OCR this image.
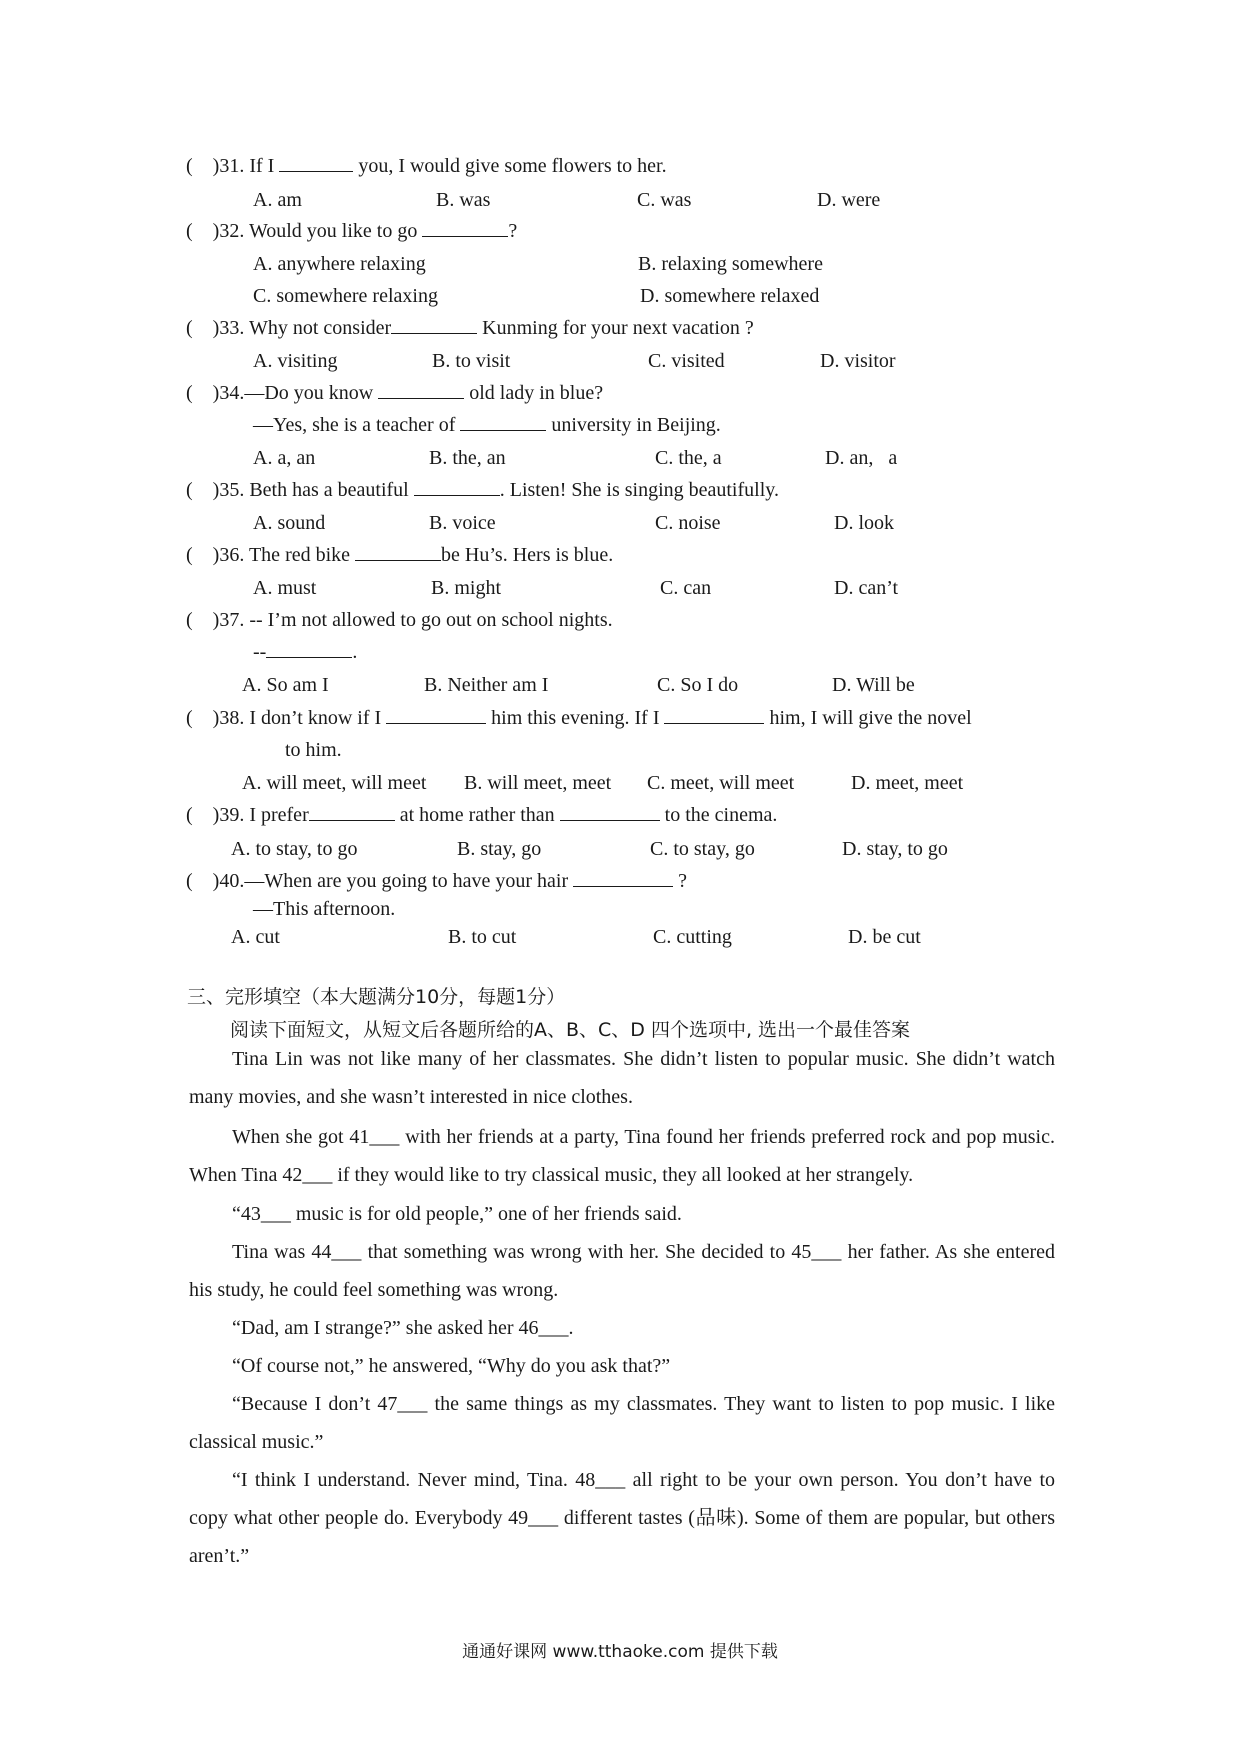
(    )31. If I	you, I would give some flowers to her.
A. am	B. was	C. was	D. were
(    )32. Would you like to go	?
A. anywhere relaxing	B. relaxing somewhere
C. somewhere relaxing	D. somewhere relaxed
(    )33. Why not consider	Kunming for your next vacation ?
A. visiting	B. to visit	C. visited	D. visitor
(    )34.—Do you know	old lady in blue?
—Yes, she is a teacher of	university in Beijing.
A. a, an	B. the, an	C. the, a	D. an,   a
(    )35. Beth has a beautiful	. Listen! She is singing beautifully.
A. sound	B. voice	C. noise	D. look
(    )36. The red bike	be Hu’s. Hers is blue.
A. must	B. might	C. can	D. can’t
(    )37. -- I’m not allowed to go out on school nights.
--	.
A. So am I	B. Neither am I	C. So I do	D. Will be
(    )38. I don’t know if I	him this evening. If I	him, I will give the novel
to him.
A. will meet, will meet B. will meet, meet C. meet, will meet	D. meet, meet
(    )39. I prefer	at home rather than	to the cinema.
A. to stay, to go	B. stay, go	C. to stay, go	D. stay, to go
(    )40.—When are you going to have your hair	?
—This afternoon.
A. cut	B. to cut	C. cutting	D. be cut
三、完形填空（本大题满分10分，每题1分）
阅读下面短文，从短文后各题所给的A、B、C、D 四个选项中, 选出一个最佳答案
Tina Lin was not like many of her classmates. She didn’t listen to popular music. She didn’t watch many movies, and she wasn’t interested in nice clothes.
When she got 41___ with her friends at a party, Tina found her friends preferred rock and pop music. When Tina 42___ if they would like to try classical music, they all looked at her strangely.
“43___ music is for old people,” one of her friends said.
Tina was 44___ that something was wrong with her. She decided to 45___ her father. As she entered his study, he could feel something was wrong.
“Dad, am I strange?” she asked her 46___.
“Of course not,” he answered, “Why do you ask that?”
“Because I don’t 47___ the same things as my classmates. They want to listen to pop music. I like classical music.”
“I think I understand. Never mind, Tina. 48___ all right to be your own person. You don’t have to copy what other people do. Everybody 49___ different tastes (品味). Some of them are popular, but others aren’t.”
通通好课网 www.tthaoke.com 提供下载
